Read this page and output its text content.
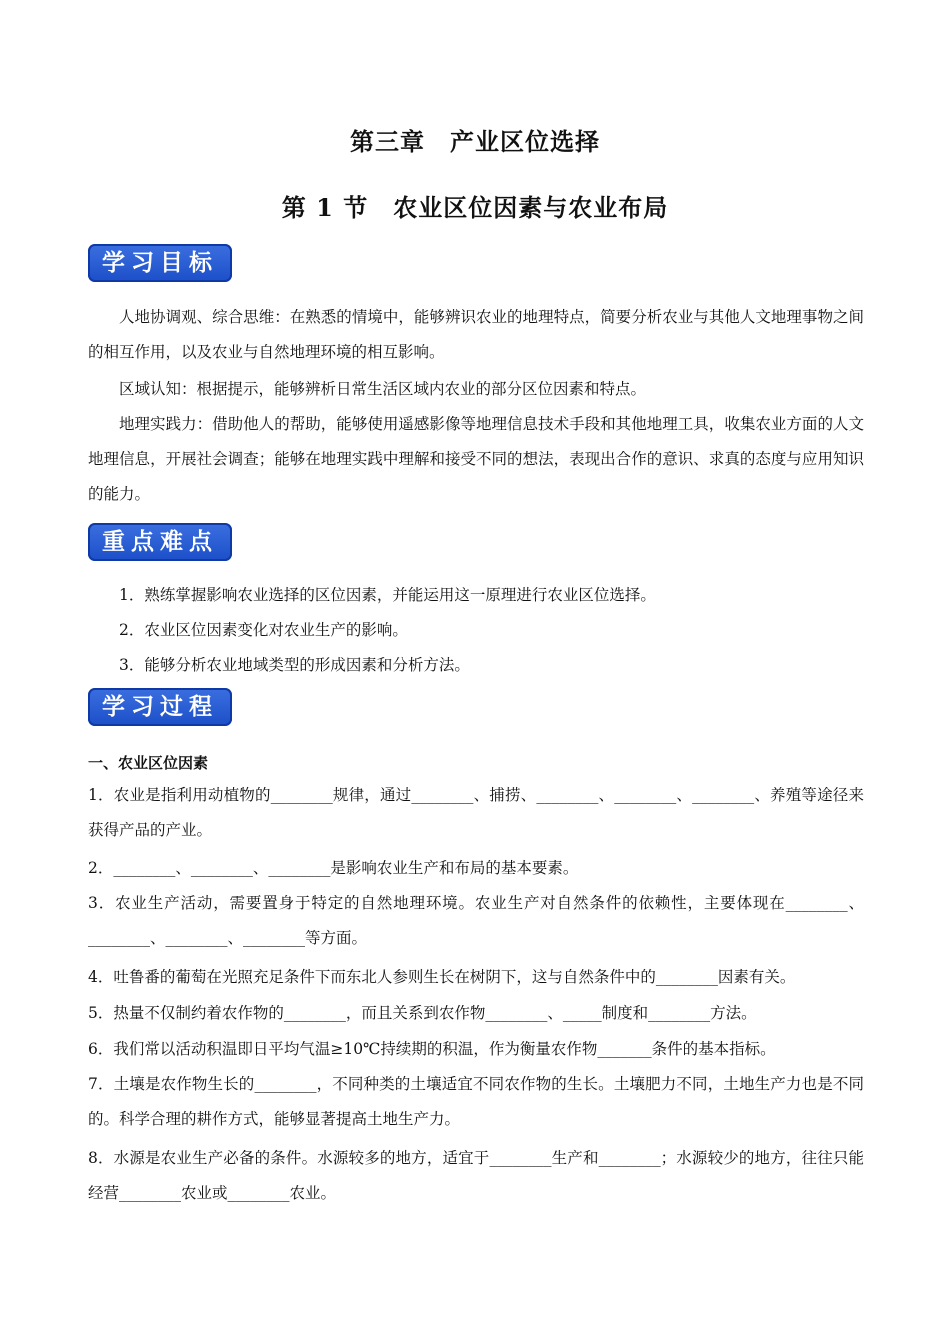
第三章　产业区位选择
第 1 节　农业区位因素与农业布局
学习目标
人地协调观、综合思维：在熟悉的情境中，能够辨识农业的地理特点，简要分析农业与其他人文地理事物之间的相互作用，以及农业与自然地理环境的相互影响。
区域认知：根据提示，能够辨析日常生活区域内农业的部分区位因素和特点。
地理实践力：借助他人的帮助，能够使用遥感影像等地理信息技术手段和其他地理工具，收集农业方面的人文地理信息，开展社会调查；能够在地理实践中理解和接受不同的想法，表现出合作的意识、求真的态度与应用知识的能力。
重点难点
1．熟练掌握影响农业选择的区位因素，并能运用这一原理进行农业区位选择。
2．农业区位因素变化对农业生产的影响。
3．能够分析农业地域类型的形成因素和分析方法。
学习过程
一、农业区位因素
1．农业是指利用动植物的________规律，通过________、捕捞、________、________、________、养殖等途径来获得产品的产业。
2．________、________、________是影响农业生产和布局的基本要素。
3．农业生产活动，需要置身于特定的自然地理环境。农业生产对自然条件的依赖性，主要体现在________、________、________、________等方面。
4．吐鲁番的葡萄在光照充足条件下而东北人参则生长在树阴下，这与自然条件中的________因素有关。
5．热量不仅制约着农作物的________，而且关系到农作物________、_____制度和________方法。
6．我们常以活动积温即日平均气温≥10℃持续期的积温，作为衡量农作物_______条件的基本指标。
7．土壤是农作物生长的________，不同种类的土壤适宜不同农作物的生长。土壤肥力不同，土地生产力也是不同的。科学合理的耕作方式，能够显著提高土地生产力。
8．水源是农业生产必备的条件。水源较多的地方，适宜于________生产和________；水源较少的地方，往往只能经营________农业或________农业。
